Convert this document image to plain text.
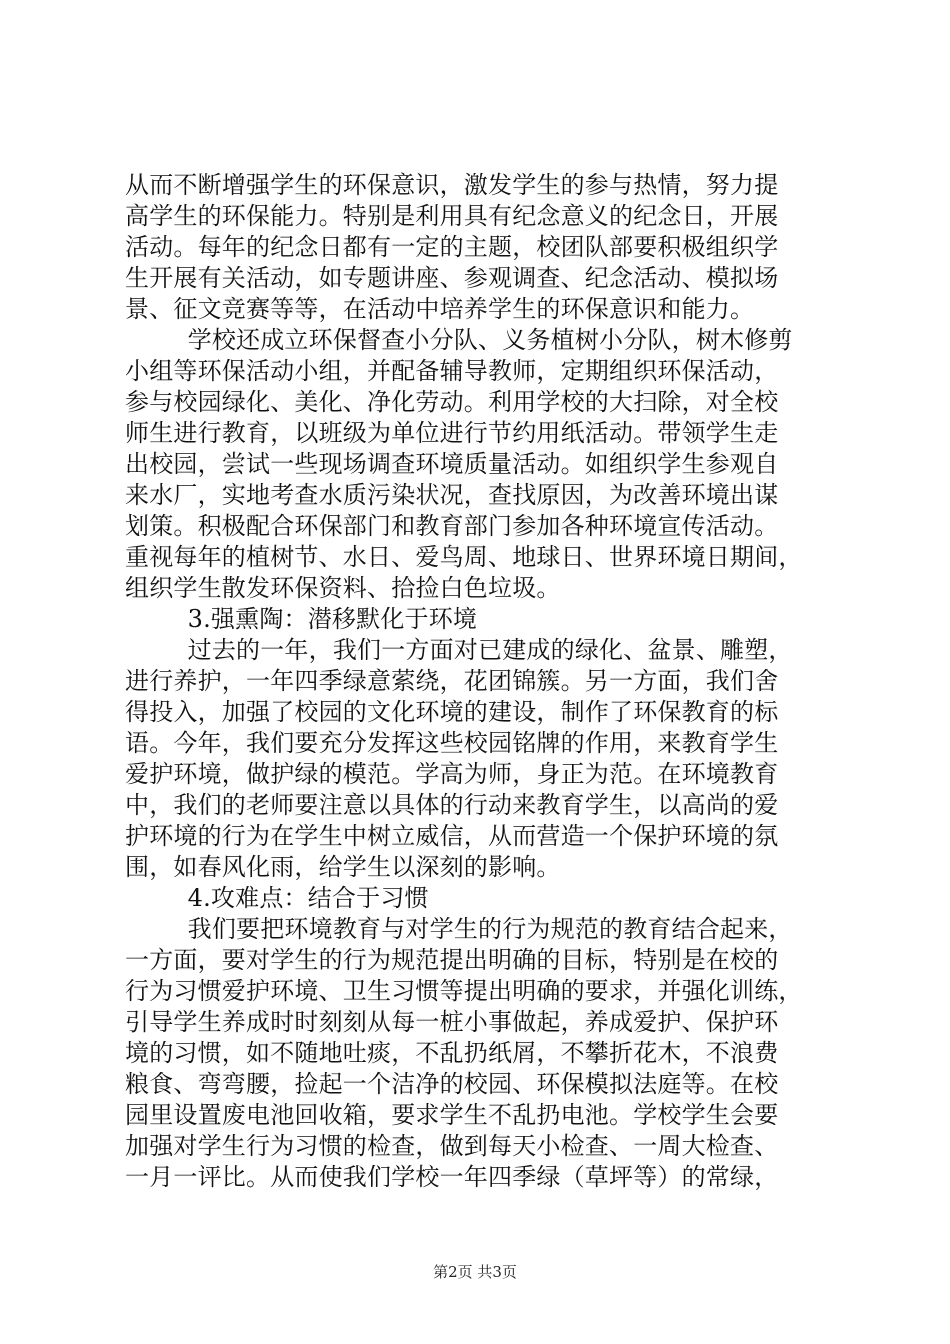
从而不断增强学生的环保意识，激发学生的参与热情，努力提
高学生的环保能力。特别是利用具有纪念意义的纪念日，开展
活动。每年的纪念日都有一定的主题，校团队部要积极组织学
生开展有关活动，如专题讲座、参观调查、纪念活动、模拟场
景、征文竞赛等等，在活动中培养学生的环保意识和能力。
学校还成立环保督查小分队、义务植树小分队，树木修剪
小组等环保活动小组，并配备辅导教师，定期组织环保活动，
参与校园绿化、美化、净化劳动。利用学校的大扫除，对全校
师生进行教育，以班级为单位进行节约用纸活动。带领学生走
出校园，尝试一些现场调查环境质量活动。如组织学生参观自
来水厂，实地考查水质污染状况，查找原因，为改善环境出谋
划策。积极配合环保部门和教育部门参加各种环境宣传活动。
重视每年的植树节、水日、爱鸟周、地球日、世界环境日期间，
组织学生散发环保资料、拾捡白色垃圾。
3.强熏陶：潜移默化于环境
过去的一年，我们一方面对已建成的绿化、盆景、雕塑，
进行养护，一年四季绿意萦绕，花团锦簇。另一方面，我们舍
得投入，加强了校园的文化环境的建设，制作了环保教育的标
语。今年，我们要充分发挥这些校园铭牌的作用，来教育学生
爱护环境，做护绿的模范。学高为师，身正为范。在环境教育
中，我们的老师要注意以具体的行动来教育学生，以高尚的爱
护环境的行为在学生中树立威信，从而营造一个保护环境的氛
围，如春风化雨，给学生以深刻的影响。
4.攻难点：结合于习惯
我们要把环境教育与对学生的行为规范的教育结合起来，
一方面，要对学生的行为规范提出明确的目标，特别是在校的
行为习惯爱护环境、卫生习惯等提出明确的要求，并强化训练，
引导学生养成时时刻刻从每一桩小事做起，养成爱护、保护环
境的习惯，如不随地吐痰，不乱扔纸屑，不攀折花木，不浪费
粮食、弯弯腰，捡起一个洁净的校园、环保模拟法庭等。在校
园里设置废电池回收箱，要求学生不乱扔电池。学校学生会要
加强对学生行为习惯的检查，做到每天小检查、一周大检查、
一月一评比。从而使我们学校一年四季绿（草坪等）的常绿，
第2页 共3页
